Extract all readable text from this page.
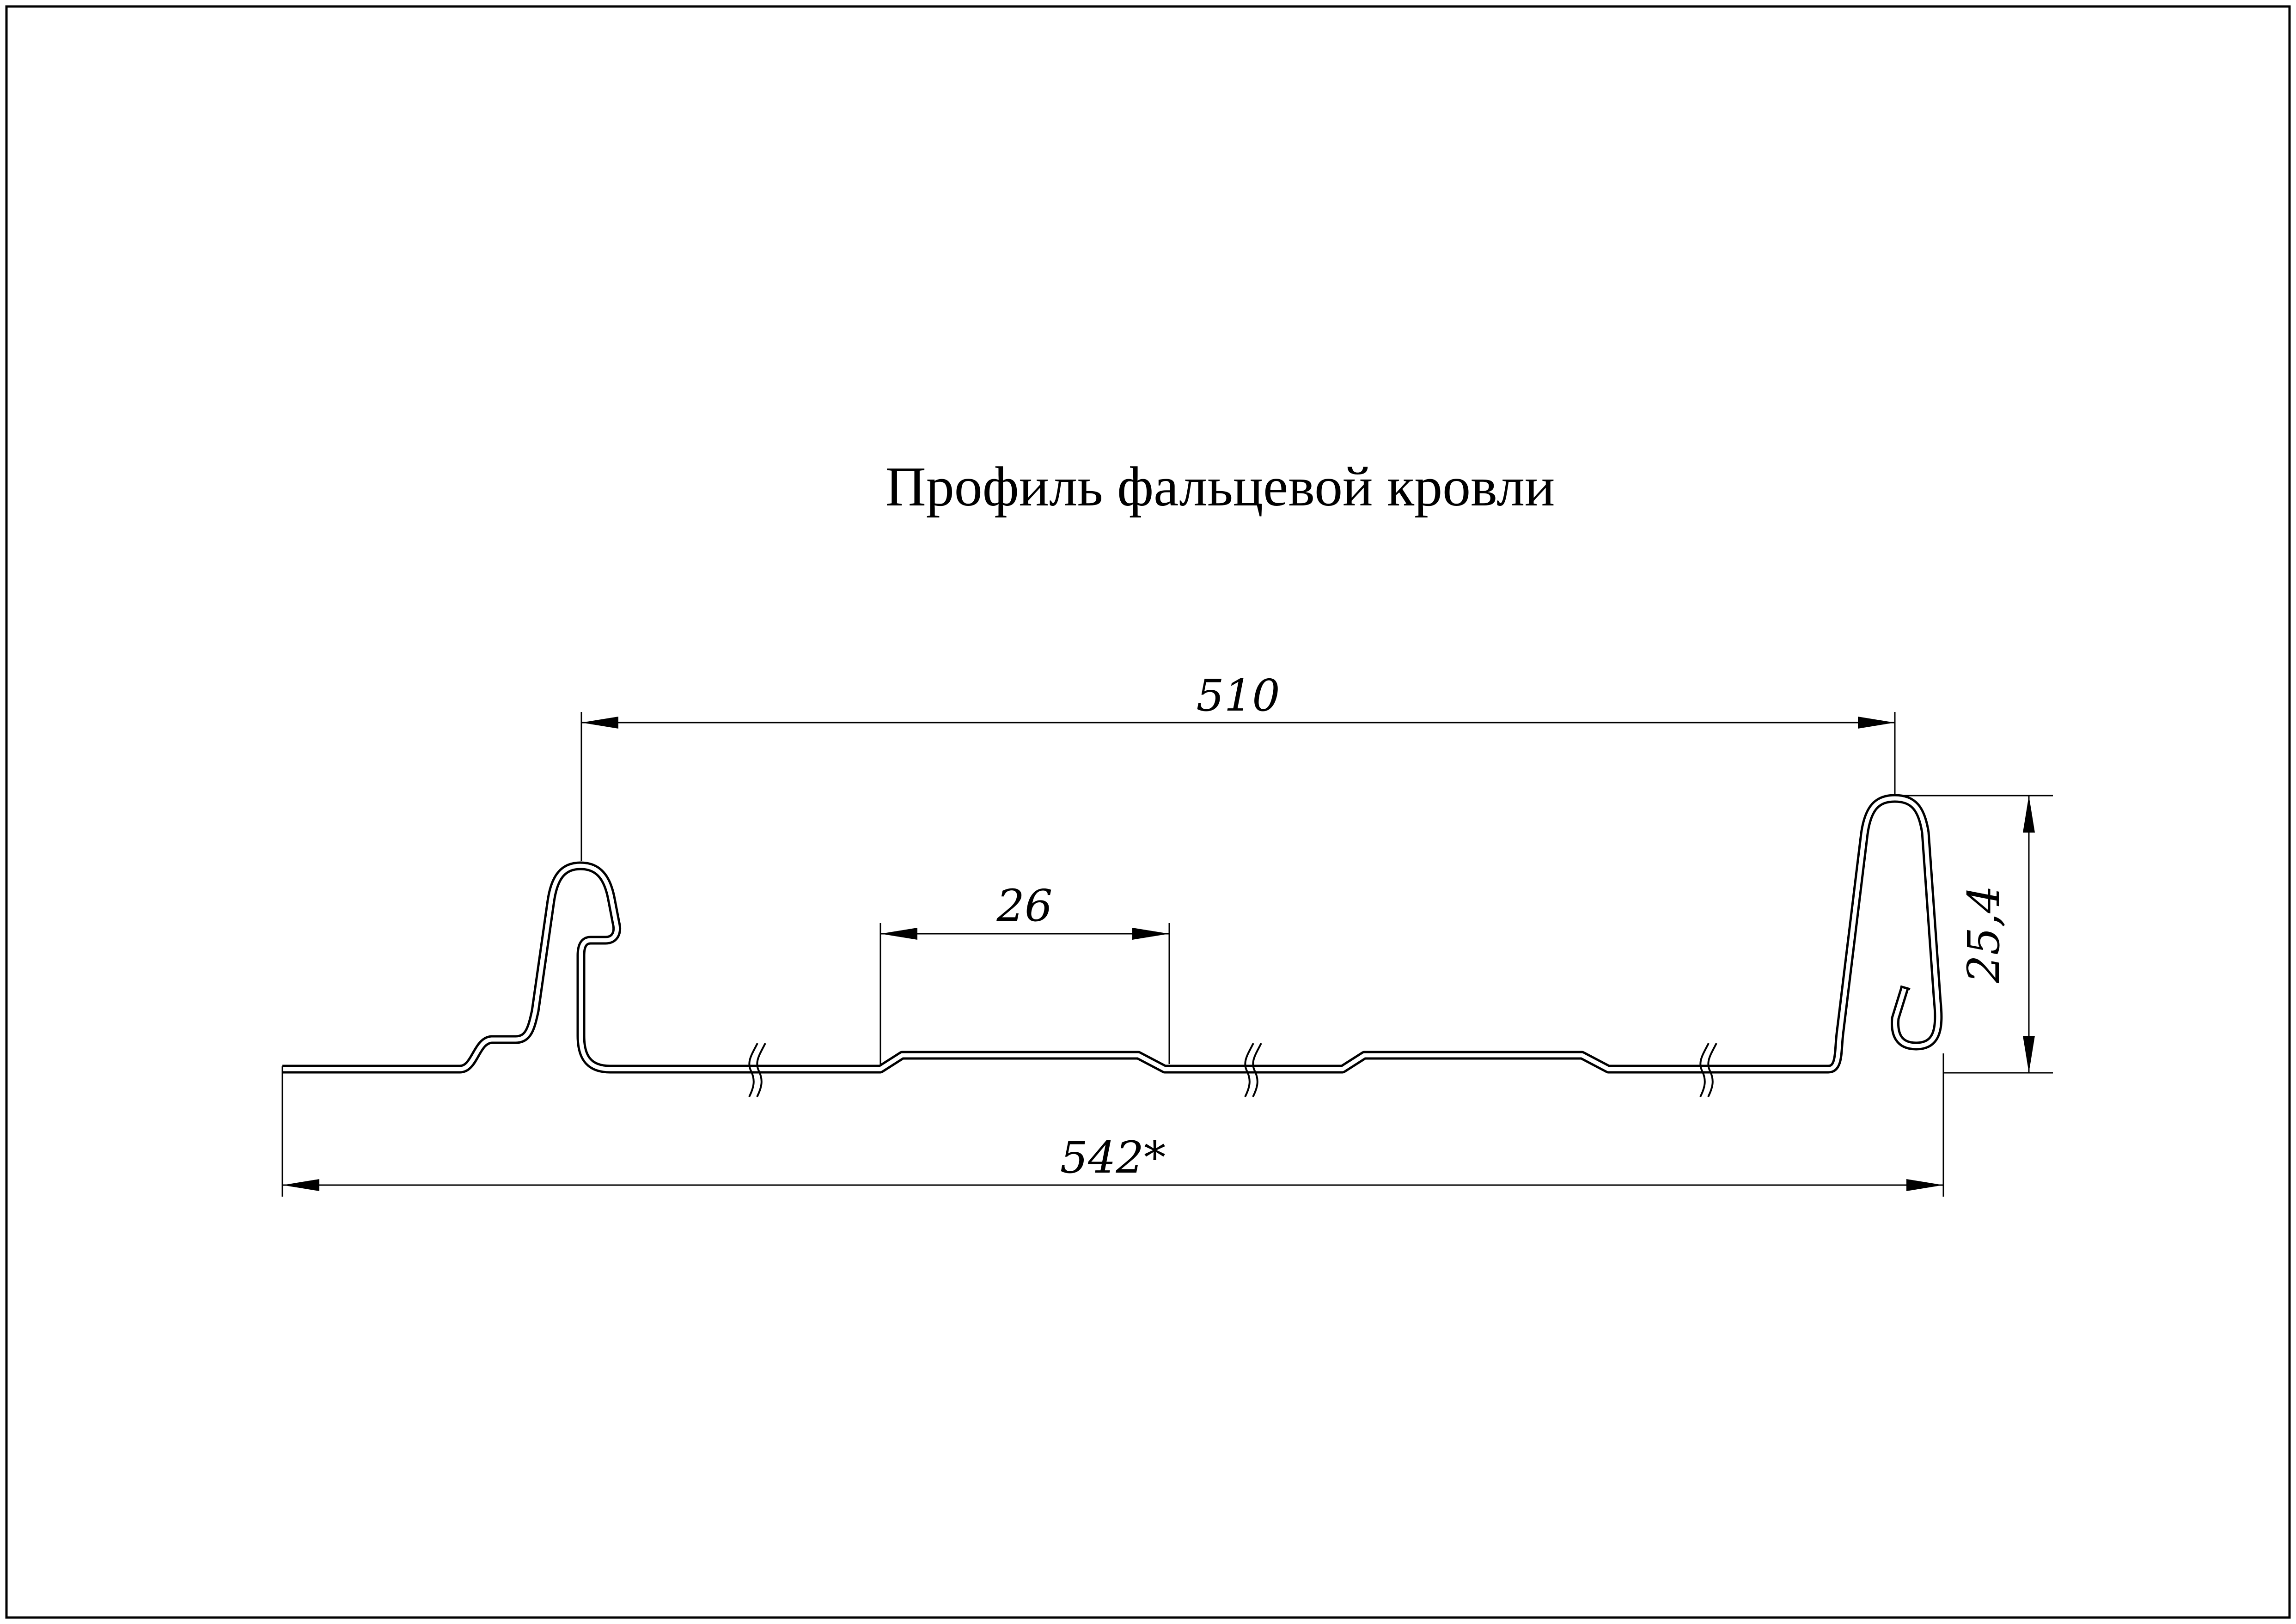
Профиль фальцевой кровли
510
26
542*
25,4
